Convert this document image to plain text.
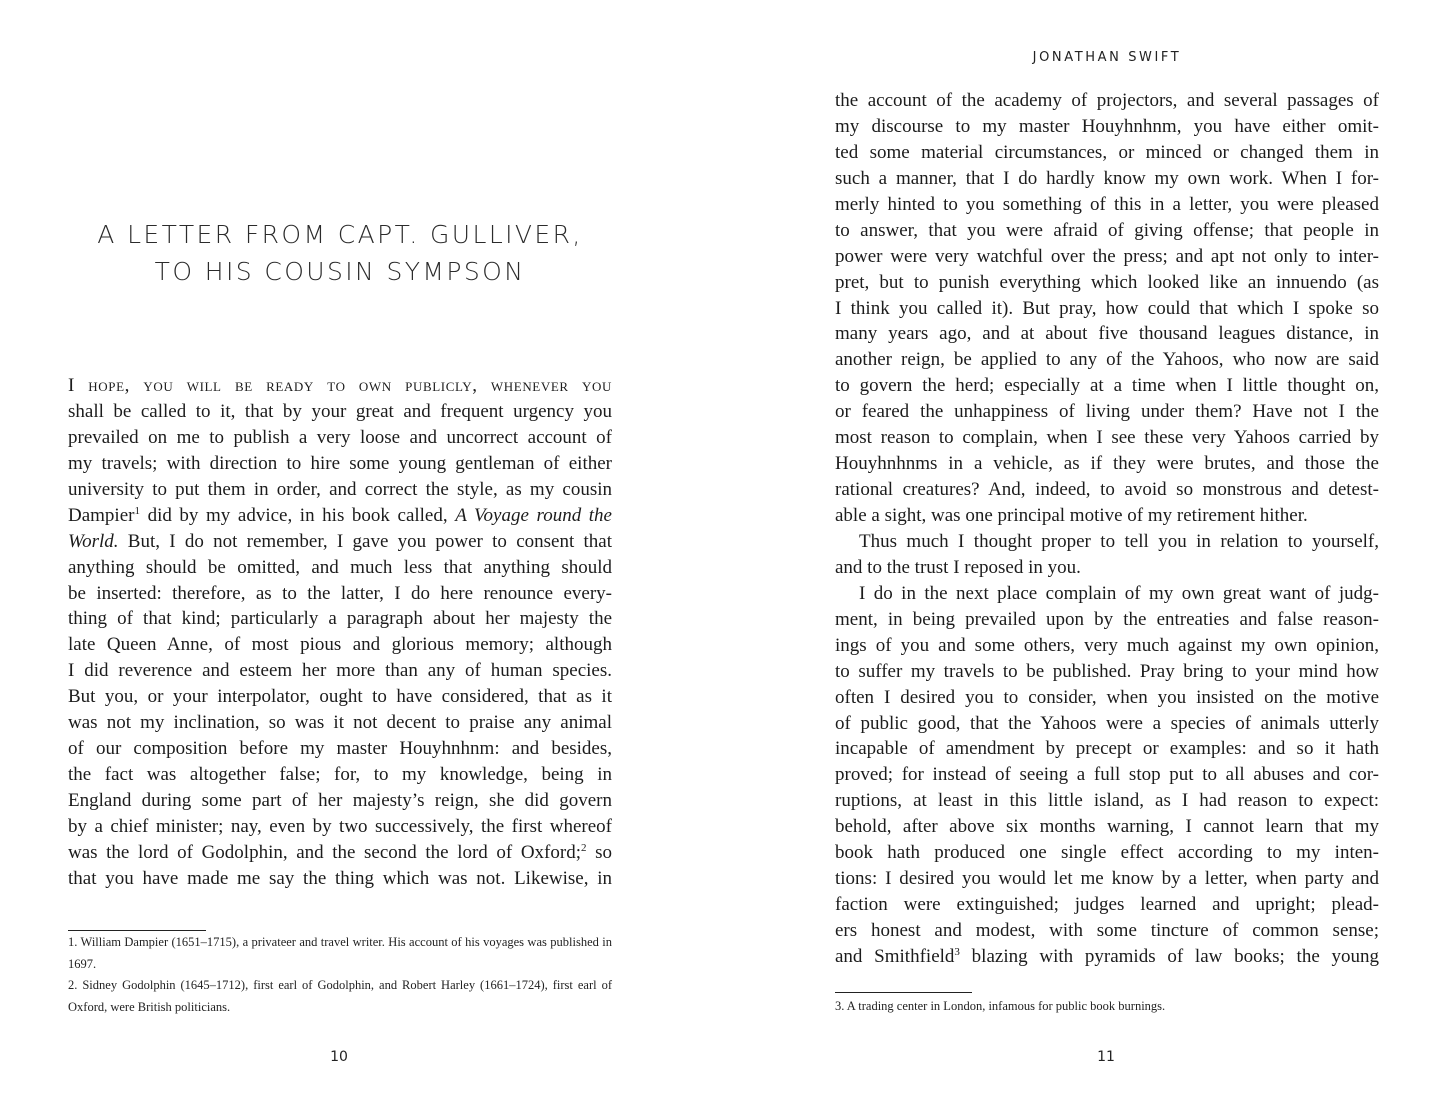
A LETTER FROM CAPT. GULLIVER,
TO HIS COUSIN SYMPSON
I hope, you will be ready to own publicly, whenever you
shall be called to it, that by your great and frequent urgency you
prevailed on me to publish a very loose and uncorrect account of
my travels; with direction to hire some young gentleman of either
university to put them in order, and correct the style, as my cousin
Dampier$^1$ did by my advice, in his book called, A Voyage round the
World. But, I do not remember, I gave you power to consent that
anything should be omitted, and much less that anything should
be inserted: therefore, as to the latter, I do here renounce every-
thing of that kind; particularly a paragraph about her majesty the
late Queen Anne, of most pious and glorious memory; although
I did reverence and esteem her more than any of human species.
But you, or your interpolator, ought to have considered, that as it
was not my inclination, so was it not decent to praise any animal
of our composition before my master Houyhnhnm: and besides,
the fact was altogether false; for, to my knowledge, being in
England during some part of her majesty’s reign, she did govern
by a chief minister; nay, even by two successively, the first whereof
was the lord of Godolphin, and the second the lord of Oxford;$^2$ so
that you have made me say the thing which was not. Likewise, in
1. William Dampier (1651–1715), a privateer and travel writer. His account of his voyages was published in 1697.
2. Sidney Godolphin (1645–1712), first earl of Godolphin, and Robert Harley (1661–1724), first earl of Oxford, were British politicians.
10
JONATHAN SWIFT
the account of the academy of projectors, and several passages of
my discourse to my master Houyhnhnm, you have either omit-
ted some material circumstances, or minced or changed them in
such a manner, that I do hardly know my own work. When I for-
merly hinted to you something of this in a letter, you were pleased
to answer, that you were afraid of giving offense; that people in
power were very watchful over the press; and apt not only to inter-
pret, but to punish everything which looked like an innuendo (as
I think you called it). But pray, how could that which I spoke so
many years ago, and at about five thousand leagues distance, in
another reign, be applied to any of the Yahoos, who now are said
to govern the herd; especially at a time when I little thought on,
or feared the unhappiness of living under them? Have not I the
most reason to complain, when I see these very Yahoos carried by
Houyhnhnms in a vehicle, as if they were brutes, and those the
rational creatures? And, indeed, to avoid so monstrous and detest-
able a sight, was one principal motive of my retirement hither.
Thus much I thought proper to tell you in relation to yourself,
and to the trust I reposed in you.
I do in the next place complain of my own great want of judg-
ment, in being prevailed upon by the entreaties and false reason-
ings of you and some others, very much against my own opinion,
to suffer my travels to be published. Pray bring to your mind how
often I desired you to consider, when you insisted on the motive
of public good, that the Yahoos were a species of animals utterly
incapable of amendment by precept or examples: and so it hath
proved; for instead of seeing a full stop put to all abuses and cor-
ruptions, at least in this little island, as I had reason to expect:
behold, after above six months warning, I cannot learn that my
book hath produced one single effect according to my inten-
tions: I desired you would let me know by a letter, when party and
faction were extinguished; judges learned and upright; plead-
ers honest and modest, with some tincture of common sense;
and Smithfield$^3$ blazing with pyramids of law books; the young
3. A trading center in London, infamous for public book burnings.
11
